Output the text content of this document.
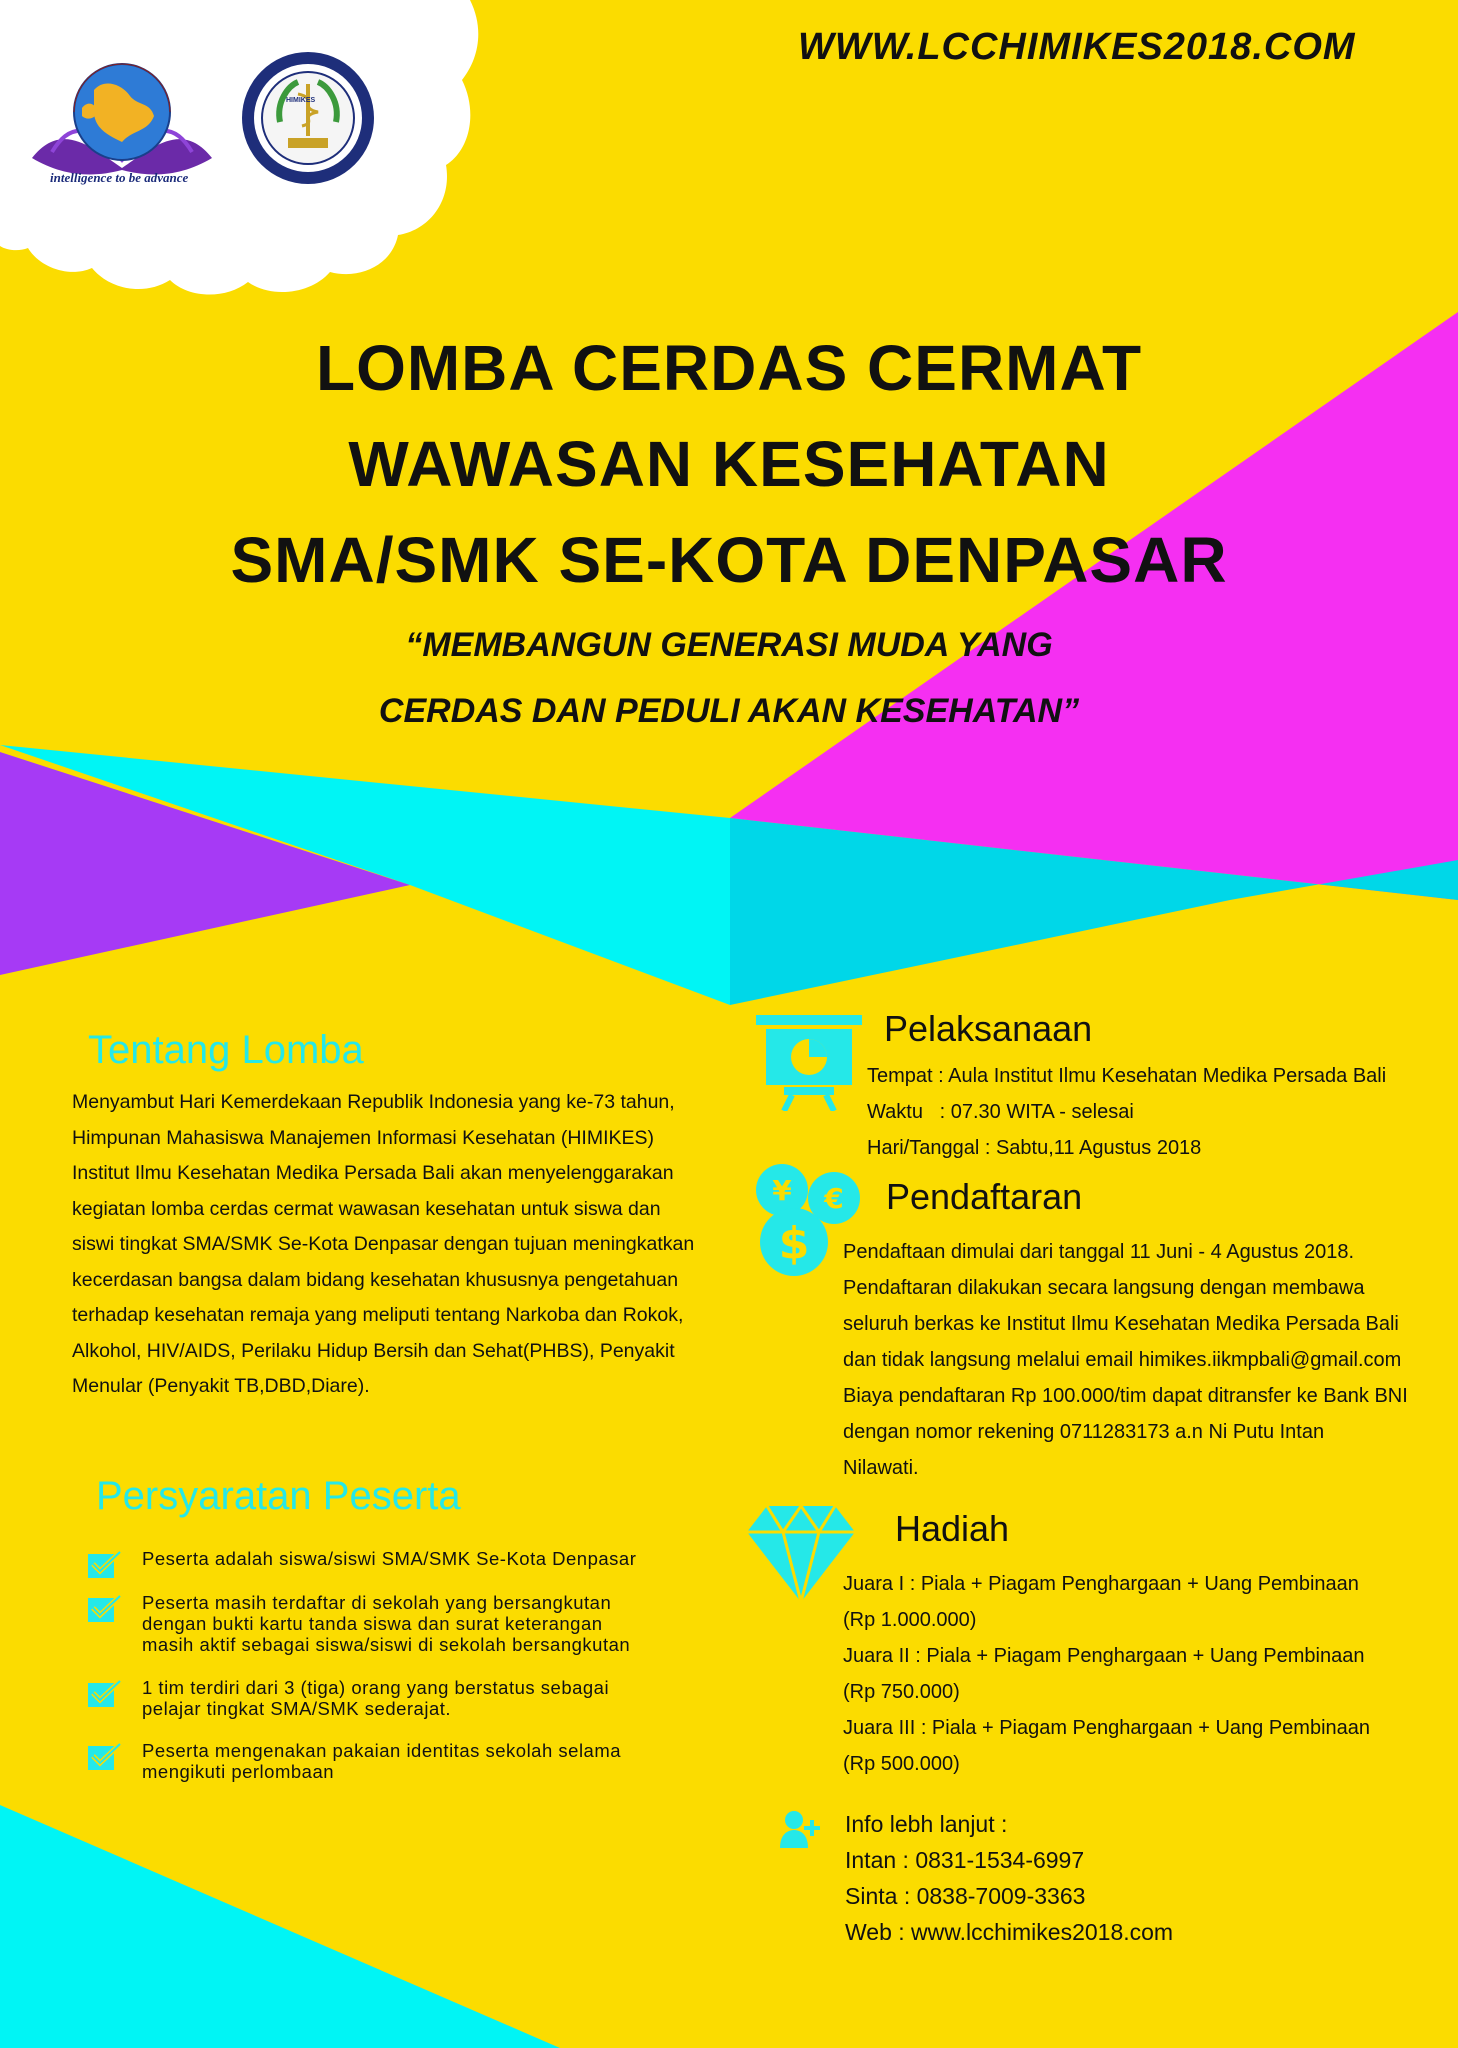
intelligence to be advance
HIMIKES
WWW.LCCHIMIKES2018.COM
LOMBA CERDAS CERMAT
WAWASAN KESEHATAN
SMA/SMK SE-KOTA DENPASAR
“MEMBANGUN GENERASI MUDA YANG
CERDAS DAN PEDULI AKAN KESEHATAN”
Tentang Lomba
Menyambut Hari Kemerdekaan Republik Indonesia yang ke-73 tahun,
Himpunan Mahasiswa Manajemen Informasi Kesehatan (HIMIKES)
Institut Ilmu Kesehatan Medika Persada Bali akan menyelenggarakan
kegiatan lomba cerdas cermat wawasan kesehatan untuk siswa dan
siswi tingkat SMA/SMK Se-Kota Denpasar dengan tujuan meningkatkan
kecerdasan bangsa dalam bidang kesehatan khususnya pengetahuan
terhadap kesehatan remaja yang meliputi tentang Narkoba dan Rokok,
Alkohol, HIV/AIDS, Perilaku Hidup Bersih dan Sehat(PHBS), Penyakit
Menular (Penyakit TB,DBD,Diare).
Persyaratan Peserta
Peserta adalah siswa/siswi SMA/SMK Se-Kota Denpasar
Peserta masih terdaftar di sekolah yang bersangkutan
dengan bukti kartu tanda siswa dan surat keterangan
masih aktif sebagai siswa/siswi di sekolah bersangkutan
1 tim terdiri dari 3 (tiga) orang yang berstatus sebagai
pelajar tingkat SMA/SMK sederajat.
Peserta mengenakan pakaian identitas sekolah selama
mengikuti perlombaan
Pelaksanaan
Tempat : Aula Institut Ilmu Kesehatan Medika Persada Bali
Waktu   : 07.30 WITA - selesai
Hari/Tanggal : Sabtu,11 Agustus 2018
¥ €
$
Pendaftaran
Pendaftaan dimulai dari tanggal 11 Juni - 4 Agustus 2018.
Pendaftaran dilakukan secara langsung dengan membawa
seluruh berkas ke Institut Ilmu Kesehatan Medika Persada Bali
dan tidak langsung melalui email himikes.iikmpbali@gmail.com
Biaya pendaftaran Rp 100.000/tim dapat ditransfer ke Bank BNI
dengan nomor rekening 0711283173 a.n Ni Putu Intan
Nilawati.
Hadiah
Juara I : Piala + Piagam Penghargaan + Uang Pembinaan
(Rp 1.000.000)
Juara II : Piala + Piagam Penghargaan + Uang Pembinaan
(Rp 750.000)
Juara III : Piala + Piagam Penghargaan + Uang Pembinaan
(Rp 500.000)
Info lebh lanjut :
Intan : 0831-1534-6997
Sinta : 0838-7009-3363
Web : www.lcchimikes2018.com
